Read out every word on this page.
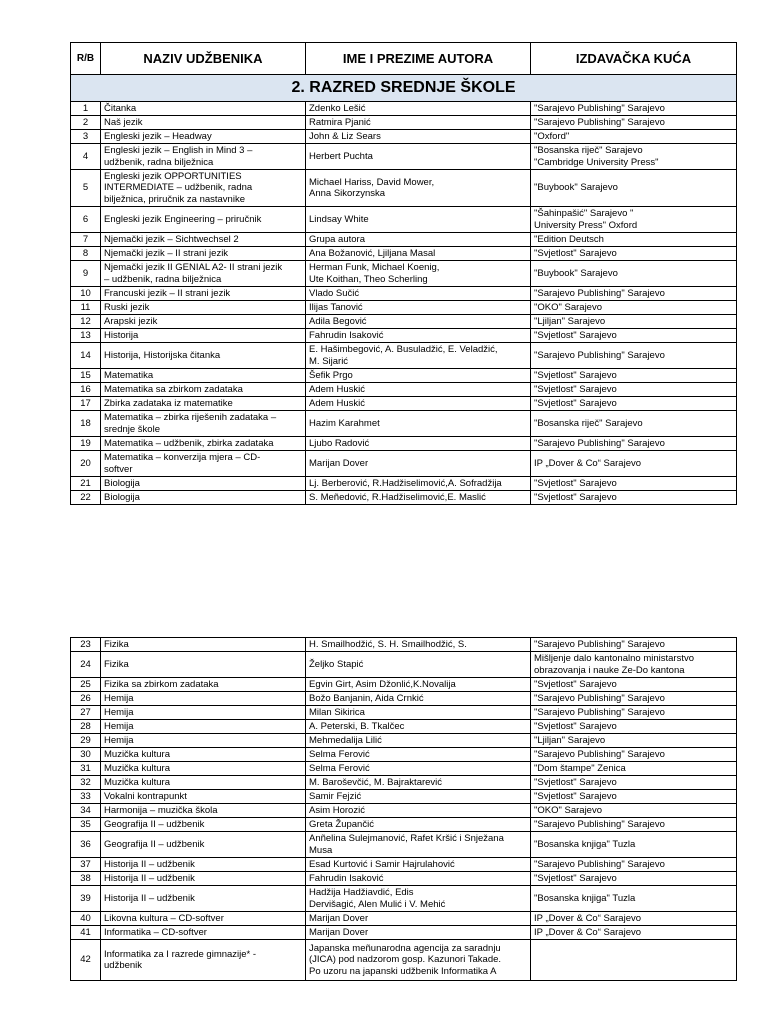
R/B	NAZIV UDŽBENIKA	IME I PREZIME AUTORA	IZDAVAČKA KUĆA
2. RAZRED SREDNJE ŠKOLE			
1	Čitanka	Zdenko Lešić	"Sarajevo Publishing" Sarajevo
2	Naš jezik	Ratmira Pjanić	"Sarajevo Publishing" Sarajevo
3	Engleski jezik – Headway	John & Liz Sears	"Oxford"
4	Engleski jezik – English in Mind 3 –
udžbenik, radna bilježnica	Herbert Puchta	"Bosanska riječ" Sarajevo
"Cambridge University Press"
5	Engleski jezik OPPORTUNITIES
INTERMEDIATE – udžbenik, radna
bilježnica, priručnik za nastavnike	Michael Hariss, David Mower,
Anna Sikorzynska	"Buybook" Sarajevo
6	Engleski jezik Engineering – priručnik	Lindsay White	"Šahinpašić" Sarajevo "
University Press" Oxford
7	Njemački jezik – Sichtwechsel 2	Grupa autora	"Edition Deutsch
8	Njemački jezik – II strani jezik	Ana Božanović, Ljiljana Masal	"Svjetlost" Sarajevo
9	Njemački jezik II GENIAL A2- II strani jezik
– udžbenik, radna bilježnica	Herman Funk, Michael Koenig,
Ute Koithan, Theo Scherling	"Buybook" Sarajevo
10	Francuski jezik – II strani jezik	Vlado Sučić	"Sarajevo Publishing" Sarajevo
11	Ruski jezik	Ilijas Tanović	"OKO" Sarajevo
12	Arapski jezik	Adila Begović	"Ljiljan" Sarajevo
13	Historija	Fahrudin Isaković	"Svjetlost" Sarajevo
14	Historija, Historijska čitanka	E. Hašimbegović, A. Busuladžić, E. Veladžić,
M. Sijarić	"Sarajevo Publishing" Sarajevo
15	Matematika	Šefik Prgo	"Svjetlost" Sarajevo
16	Matematika sa zbirkom zadataka	Adem Huskić	"Svjetlost" Sarajevo
17	Zbirka zadataka iz matematike	Adem Huskić	"Svjetlost" Sarajevo
18	Matematika – zbirka riješenih zadataka –
srednje škole	Hazim Karahmet	"Bosanska riječ" Sarajevo
19	Matematika – udžbenik, zbirka zadataka	Ljubo Radović	"Sarajevo Publishing" Sarajevo
20	Matematika – konverzija mjera – CD-
softver	Marijan Dover	IP „Dover & Co“ Sarajevo
21	Biologija	Lj. Berberović, R.Hadžiselimović,A. Sofradžija	"Svjetlost" Sarajevo
22	Biologija	S. Meñedović, R.Hadžiselimović,E. Maslić	"Svjetlost" Sarajevo
23	Fizika	H. Smailhodžić, S. H. Smailhodžić, S.	"Sarajevo Publishing" Sarajevo
24	Fizika	Željko Stapić	Mišljenje dalo kantonalno ministarstvo
obrazovanja i nauke Ze-Do kantona
25	Fizika sa zbirkom zadataka	Egvin Girt, Asim Džonlić,K.Novalija	"Svjetlost" Sarajevo
26	Hemija	Božo Banjanin, Aida Crnkić	"Sarajevo Publishing" Sarajevo
27	Hemija	Milan Sikirica	"Sarajevo Publishing" Sarajevo
28	Hemija	A. Peterski, B. Tkalčec	"Svjetlost" Sarajevo
29	Hemija	Mehmedalija Lilić	"Ljiljan" Sarajevo
30	Muzička kultura	Selma Ferović	"Sarajevo Publishing" Sarajevo
31	Muzička kultura	Selma Ferović	"Dom štampe" Zenica
32	Muzička kultura	M. Baroševčić, M. Bajraktarević	"Svjetlost" Sarajevo
33	Vokalni kontrapunkt	Samir Fejzić	"Svjetlost" Sarajevo
34	Harmonija – muzička škola	Asim Horozić	"OKO" Sarajevo
35	Geografija II – udžbenik	Greta Župančić	"Sarajevo Publishing" Sarajevo
36	Geografija II – udžbenik	Anñelina Sulejmanović, Rafet Kršić i Snježana
Musa	"Bosanska knjiga" Tuzla
37	Historija II – udžbenik	Esad Kurtović i Samir Hajrulahović	"Sarajevo Publishing" Sarajevo
38	Historija II – udžbenik	Fahrudin Isaković	"Svjetlost" Sarajevo
39	Historija II – udžbenik	Hadžija Hadžiavdić, Edis
Dervišagić, Alen Mulić i V. Mehić	"Bosanska knjiga" Tuzla
40	Likovna kultura – CD-softver	Marijan Dover	IP „Dover & Co“ Sarajevo
41	Informatika – CD-softver	Marijan Dover	IP „Dover & Co“ Sarajevo
42	Informatika za I razrede gimnazije* -
udžbenik	Japanska meñunarodna agencija za saradnju
(JICA) pod nadzorom gosp. Kazunori Takade.
Po uzoru na japanski udžbenik Informatika A	
